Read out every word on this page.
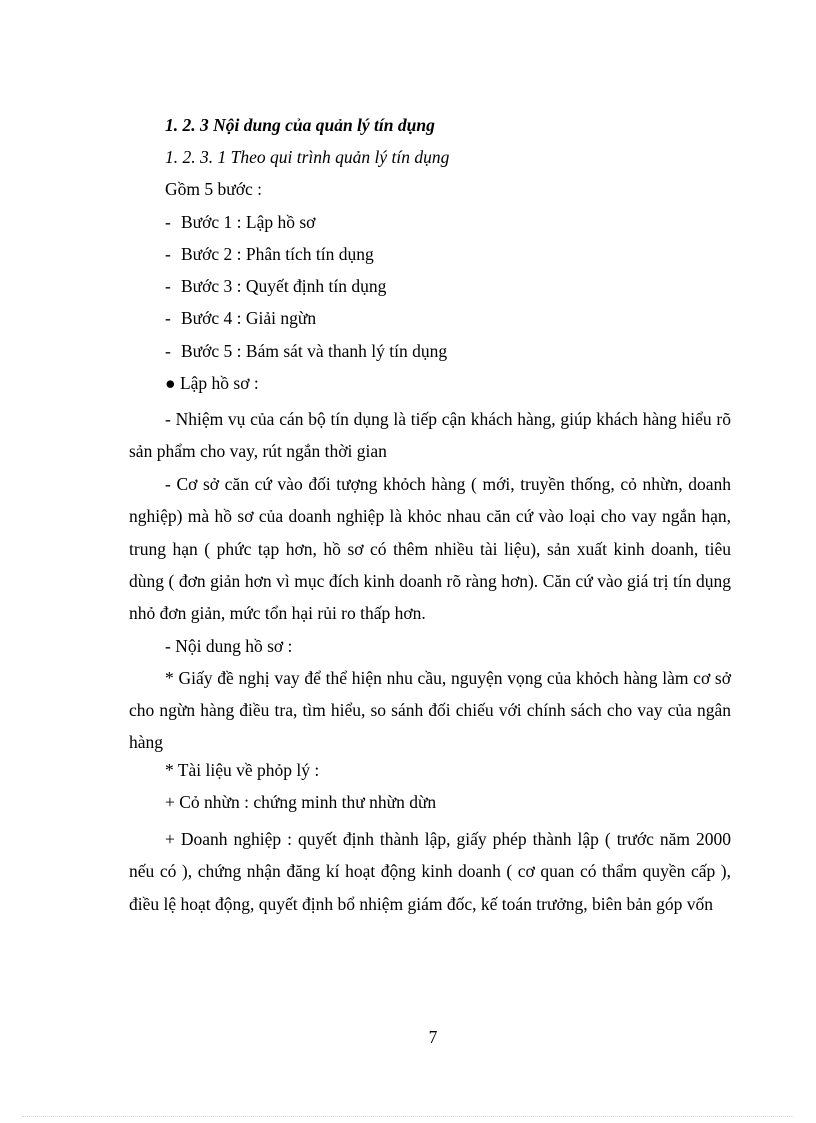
1. 2. 3 Nội dung của quản lý tín dụng
1. 2. 3. 1 Theo qui trình quản lý tín dụng
Gồm 5 bước :
- Bước 1 : Lập hồ sơ
- Bước 2 : Phân tích tín dụng
- Bước 3 : Quyết định tín dụng
- Bước 4 : Giải ngừn
- Bước 5 : Bám sát và thanh lý tín dụng
● Lập hồ sơ :
- Nhiệm vụ của cán bộ tín dụng là tiếp cận khách hàng, giúp khách hàng hiểu rõ sản phẩm cho vay, rút ngắn thời gian
- Cơ sở căn cứ vào đối tượng khỏch hàng ( mới, truyền thống, cỏ nhừn, doanh nghiệp) mà hồ sơ của doanh nghiệp là khỏc nhau căn cứ vào loại cho vay ngắn hạn, trung hạn ( phức tạp hơn, hồ sơ có thêm nhiều tài liệu), sản xuất kinh doanh, tiêu dùng ( đơn giản hơn vì mục đích kinh doanh rõ ràng hơn). Căn cứ vào giá trị tín dụng nhỏ đơn giản, mức tổn hại rủi ro thấp hơn.
- Nội dung hồ sơ :
* Giấy đề nghị vay để thể hiện nhu cầu, nguyện vọng của khỏch hàng làm cơ sở cho ngừn hàng điều tra, tìm hiểu, so sánh đối chiếu với chính sách cho vay của ngân hàng
* Tài liệu về phỏp lý :
+ Cỏ nhừn : chứng minh thư nhừn dừn
+ Doanh nghiệp : quyết định thành lập, giấy phép thành lập ( trước năm 2000 nếu có ), chứng nhận đăng kí hoạt động kinh doanh ( cơ quan có thẩm quyền cấp ), điều lệ hoạt động, quyết định bổ nhiệm giám đốc, kế toán trưởng, biên bản góp vốn
7
